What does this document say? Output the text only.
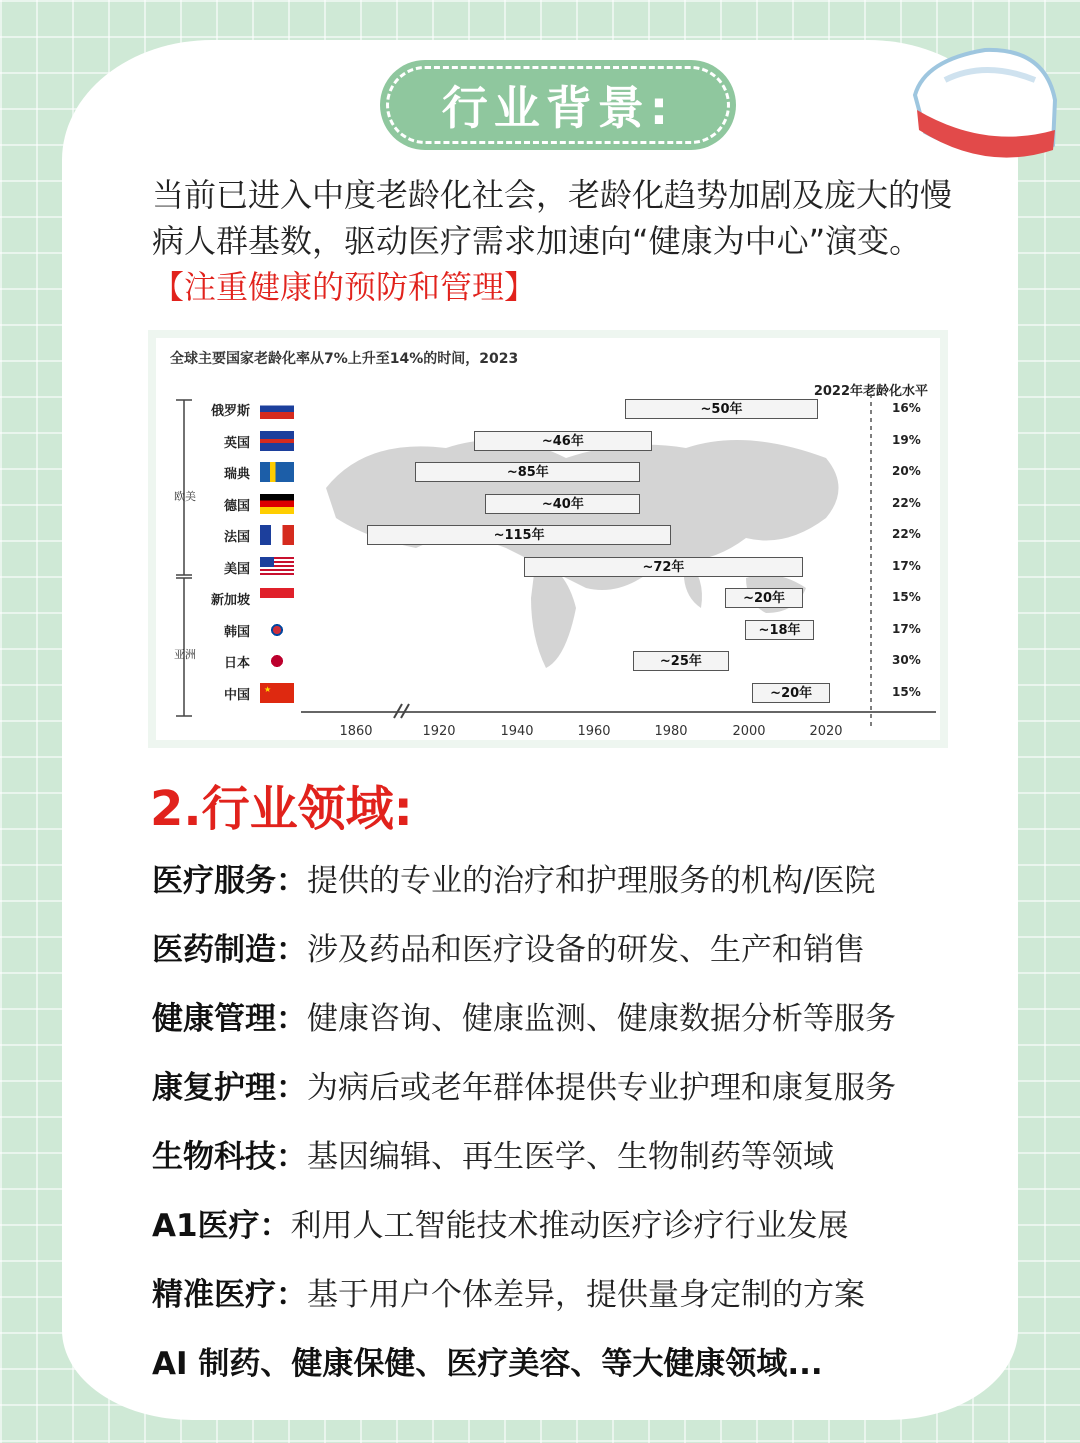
行业背景:
当前已进入中度老龄化社会，老龄化趋势加剧及庞大的慢病人群基数，驱动医疗需求加速向“健康为中心”演变。
【注重健康的预防和管理】
全球主要国家老龄化率从7%上升至14%的时间，2023
2022年老龄化水平
欧美
亚洲
俄罗斯	~50年	16%
英国	~46年	19%
瑞典	~85年	20%
德国	~40年	22%
法国	~115年	22%
美国	~72年	17%
新加坡	~20年	15%
韩国	~18年	17%
日本	~25年	30%
中国 ★	~20年	15%
1860	1920	1940	1960	1980	2000	2020
2.行业领域:
医疗服务：提供的专业的治疗和护理服务的机构/医院
医药制造：涉及药品和医疗设备的研发、生产和销售
健康管理：健康咨询、健康监测、健康数据分析等服务
康复护理：为病后或老年群体提供专业护理和康复服务
生物科技：基因编辑、再生医学、生物制药等领域
A1医疗：利用人工智能技术推动医疗诊疗行业发展
精准医疗：基于用户个体差异，提供量身定制的方案
AI 制药、健康保健、医疗美容、等大健康领域...
